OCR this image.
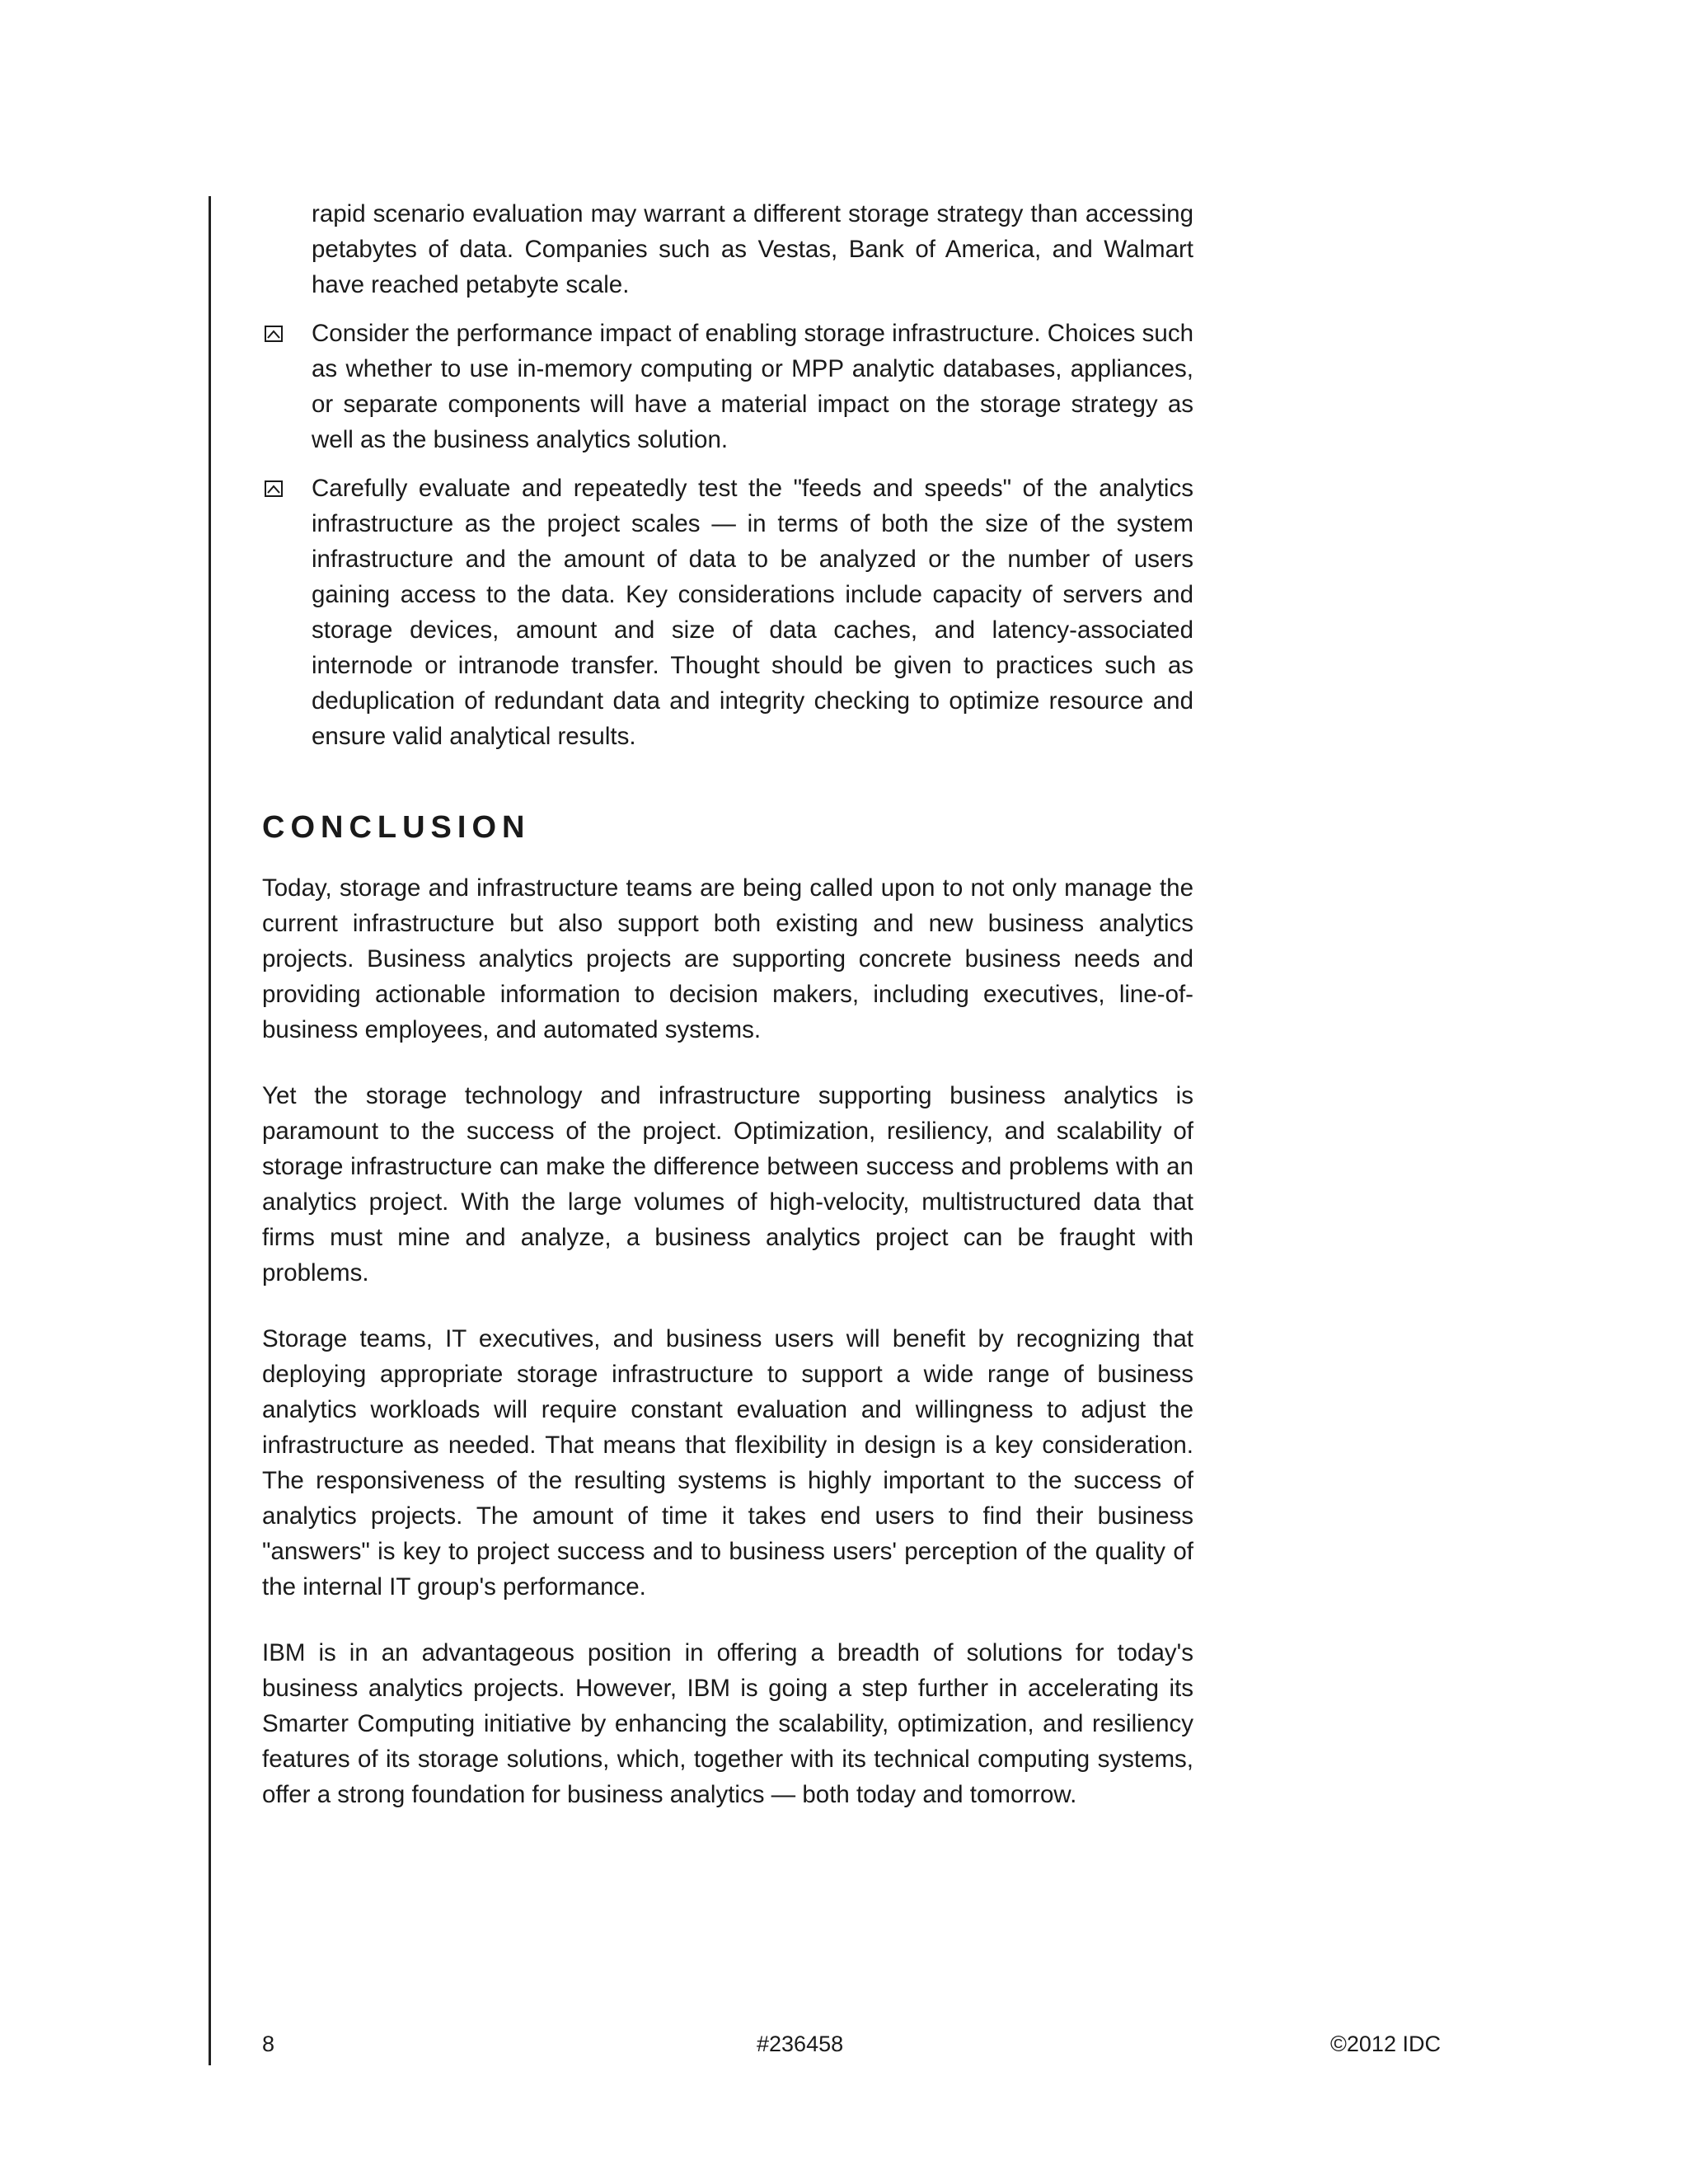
rapid scenario evaluation may warrant a different storage strategy than accessing petabytes of data. Companies such as Vestas, Bank of America, and Walmart have reached petabyte scale.

Consider the performance impact of enabling storage infrastructure. Choices such as whether to use in-memory computing or MPP analytic databases, appliances, or separate components will have a material impact on the storage strategy as well as the business analytics solution.
Carefully evaluate and repeatedly test the "feeds and speeds" of the analytics infrastructure as the project scales — in terms of both the size of the system infrastructure and the amount of data to be analyzed or the number of users gaining access to the data. Key considerations include capacity of servers and storage devices, amount and size of data caches, and latency-associated internode or intranode transfer. Thought should be given to practices such as deduplication of redundant data and integrity checking to optimize resource and ensure valid analytical results.
CONCLUSION

Today, storage and infrastructure teams are being called upon to not only manage the current infrastructure but also support both existing and new business analytics projects. Business analytics projects are supporting concrete business needs and providing actionable information to decision makers, including executives, line-of-business employees, and automated systems.

Yet the storage technology and infrastructure supporting business analytics is paramount to the success of the project. Optimization, resiliency, and scalability of storage infrastructure can make the difference between success and problems with an analytics project. With the large volumes of high-velocity, multistructured data that firms must mine and analyze, a business analytics project can be fraught with problems.

Storage teams, IT executives, and business users will benefit by recognizing that deploying appropriate storage infrastructure to support a wide range of business analytics workloads will require constant evaluation and willingness to adjust the infrastructure as needed. That means that flexibility in design is a key consideration. The responsiveness of the resulting systems is highly important to the success of analytics projects. The amount of time it takes end users to find their business "answers" is key to project success and to business users' perception of the quality of the internal IT group's performance.

IBM is in an advantageous position in offering a breadth of solutions for today's business analytics projects. However, IBM is going a step further in accelerating its Smarter Computing initiative by enhancing the scalability, optimization, and resiliency features of its storage solutions, which, together with its technical computing systems, offer a strong foundation for business analytics — both today and tomorrow.

8	#236458	©2012 IDC
